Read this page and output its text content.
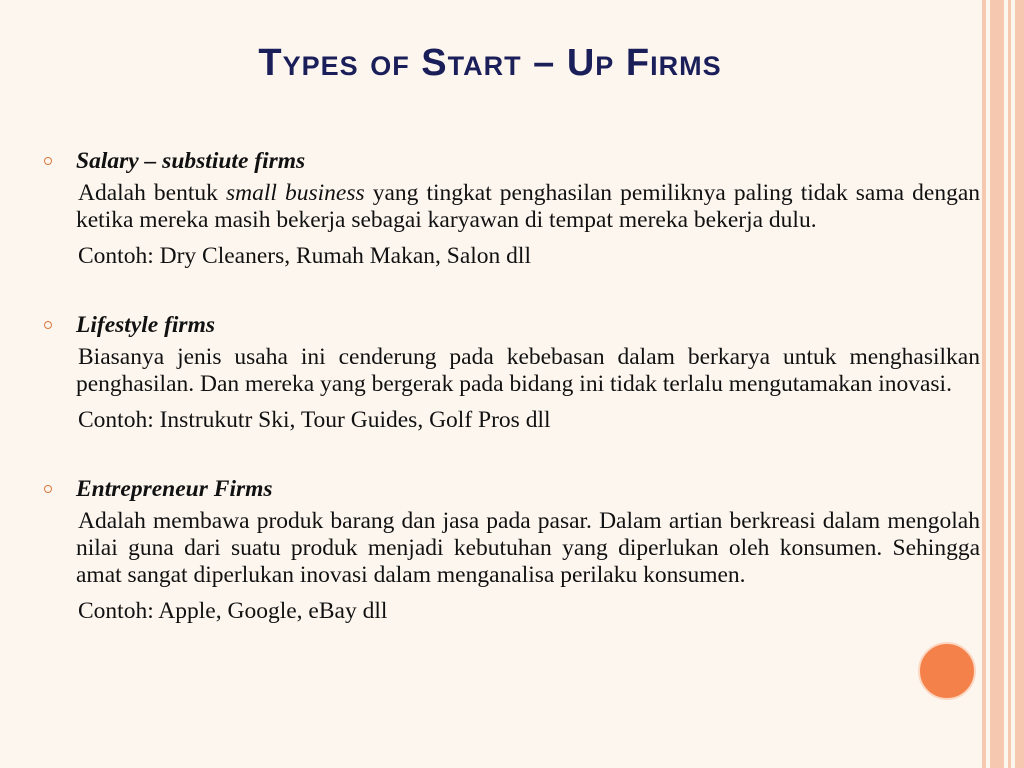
Types of Start – Up Firms
Salary – substiute firms
Adalah bentuk small business yang tingkat penghasilan pemiliknya paling tidak sama dengan ketika mereka masih bekerja sebagai karyawan di tempat mereka bekerja dulu.
Contoh: Dry Cleaners, Rumah Makan, Salon dll
Lifestyle firms
Biasanya jenis usaha ini cenderung pada kebebasan dalam berkarya untuk menghasilkan penghasilan. Dan mereka yang bergerak pada bidang ini tidak terlalu mengutamakan inovasi.
Contoh: Instrukutr Ski, Tour Guides, Golf Pros dll
Entrepreneur Firms
Adalah membawa produk barang dan jasa pada pasar. Dalam artian berkreasi dalam mengolah nilai guna dari suatu produk menjadi kebutuhan yang diperlukan oleh konsumen. Sehingga amat sangat diperlukan inovasi dalam menganalisa perilaku konsumen.
Contoh: Apple, Google, eBay dll
